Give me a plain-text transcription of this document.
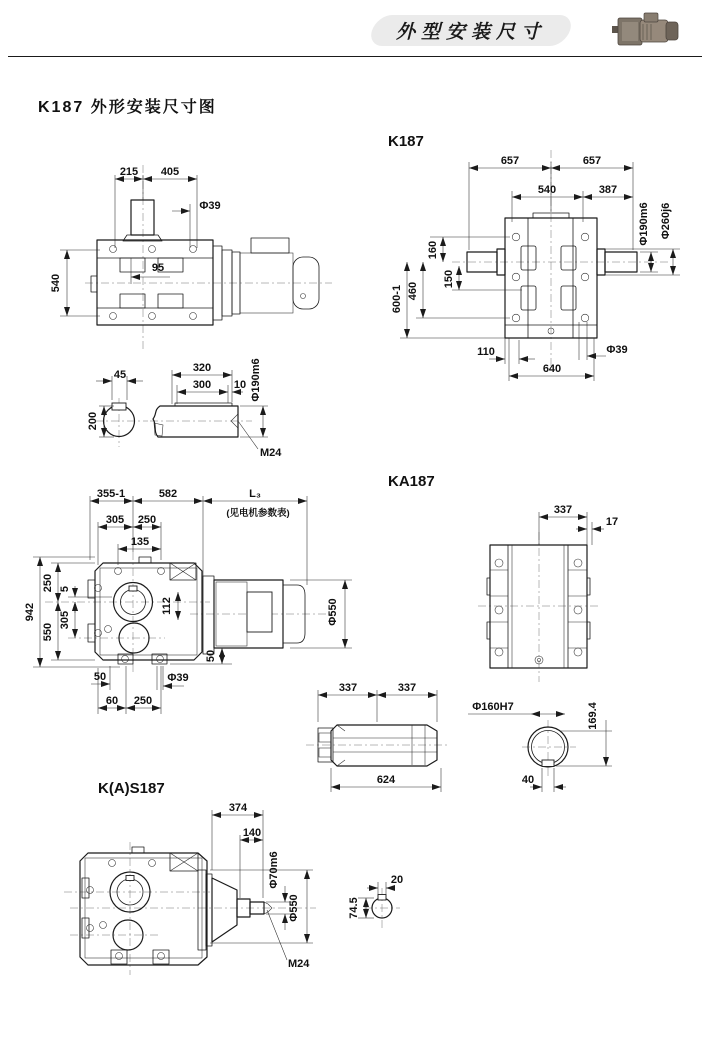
外型安装尺寸
K187 外形安装尺寸图
215 405
Φ39
95
540
K187
657	657
540	387
Φ190m6 Φ260j6
160
460
150
600-1
110
640
Φ39
45
200
320
300 10 Φ190m6
M24
KA187
355-1	582	L₃
(见电机参数表)
305 250
135
942
250
550
5
305
112
50	Φ39
50
60 250
Φ550
337
17
337	337
624
Φ160H7	169.4
40
K(A)S187
374
140
Φ70m6
Φ550
M24
20
74.5
